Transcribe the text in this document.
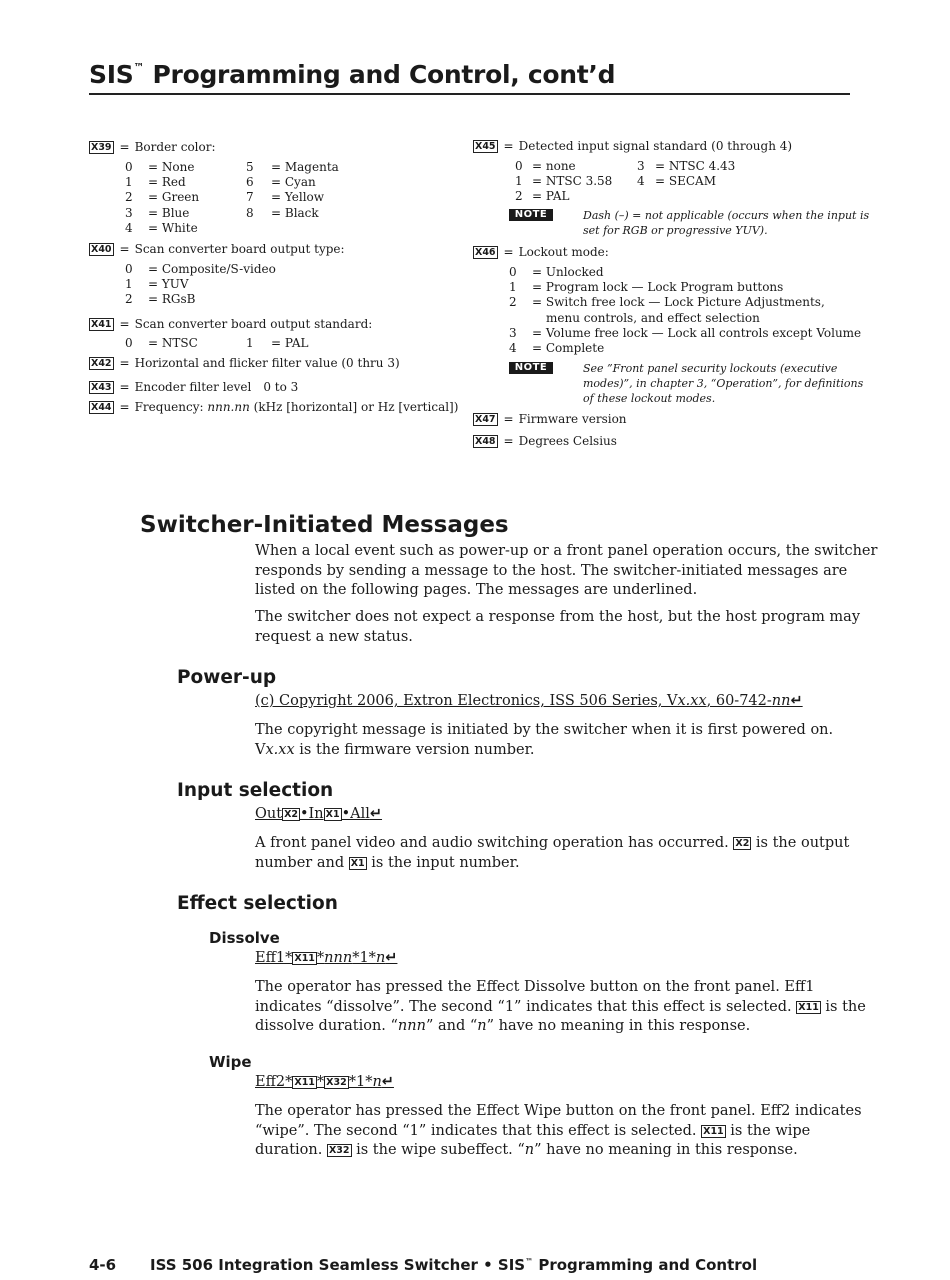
SIS™ Programming and Control, cont’d
X39 = Border color:
0 = None	5 = Magenta
1 = Red	6 = Cyan
2 = Green	7 = Yellow
3 = Blue	8 = Black
4 = White
X40 = Scan converter board output type:
0 = Composite/S-video
1 = YUV
2 = RGsB
X41 = Scan converter board output standard:
0 = NTSC	1 = PAL
X42 = Horizontal and flicker filter value (0 thru 3)
X43 = Encoder filter level 0 to 3
X44 = Frequency: nnn.nn (kHz [horizontal] or Hz [vertical])
X45 = Detected input signal standard (0 through 4)
0 = none	3 = NTSC 4.43
1 = NTSC 3.58 4 = SECAM
2 = PAL
NOTE	Dash (–) = not applicable (occurs when the input is
set for RGB or progressive YUV).
X46 = Lockout mode:
0 = Unlocked
1 = Program lock — Lock Program buttons
2 = Switch free lock — Lock Picture Adjustments,
menu controls, and effect selection
3 = Volume free lock — Lock all controls except Volume
4 = Complete
NOTE	See ”Front panel security lockouts (executive
modes)”, in chapter 3, “Operation”, for definitions
of these lockout modes.
X47 = Firmware version
X48 = Degrees Celsius
Switcher-Initiated Messages
When a local event such as power-up or a front panel operation occurs, the switcher
responds by sending a message to the host. The switcher-initiated messages are
listed on the following pages. The messages are underlined.
The switcher does not expect a response from the host, but the host program may
request a new status.
Power-up
(c) Copyright 2006, Extron Electronics, ISS 506 Series, Vx.xx, 60-742-nn↵
The copyright message is initiated by the switcher when it is first powered on.
Vx.xx is the firmware version number.
Input selection
Out X2 •In X1 •All↵
A front panel video and audio switching operation has occurred. X2 is the output
number and X1 is the input number.
Effect selection
Dissolve
Eff1* X11 *nnn*1*n↵
The operator has pressed the Effect Dissolve button on the front panel. Eff1
indicates “dissolve”. The second “1” indicates that this effect is selected. X11 is the
dissolve duration. “nnn” and “n” have no meaning in this response.
Wipe
Eff2* X11 * X32 *1*n↵
The operator has pressed the Effect Wipe button on the front panel. Eff2 indicates
“wipe”. The second “1” indicates that this effect is selected. X11 is the wipe
duration. X32 is the wipe subeffect. “n” have no meaning in this response.
4-6 ISS 506 Integration Seamless Switcher • SIS™ Programming and Control
